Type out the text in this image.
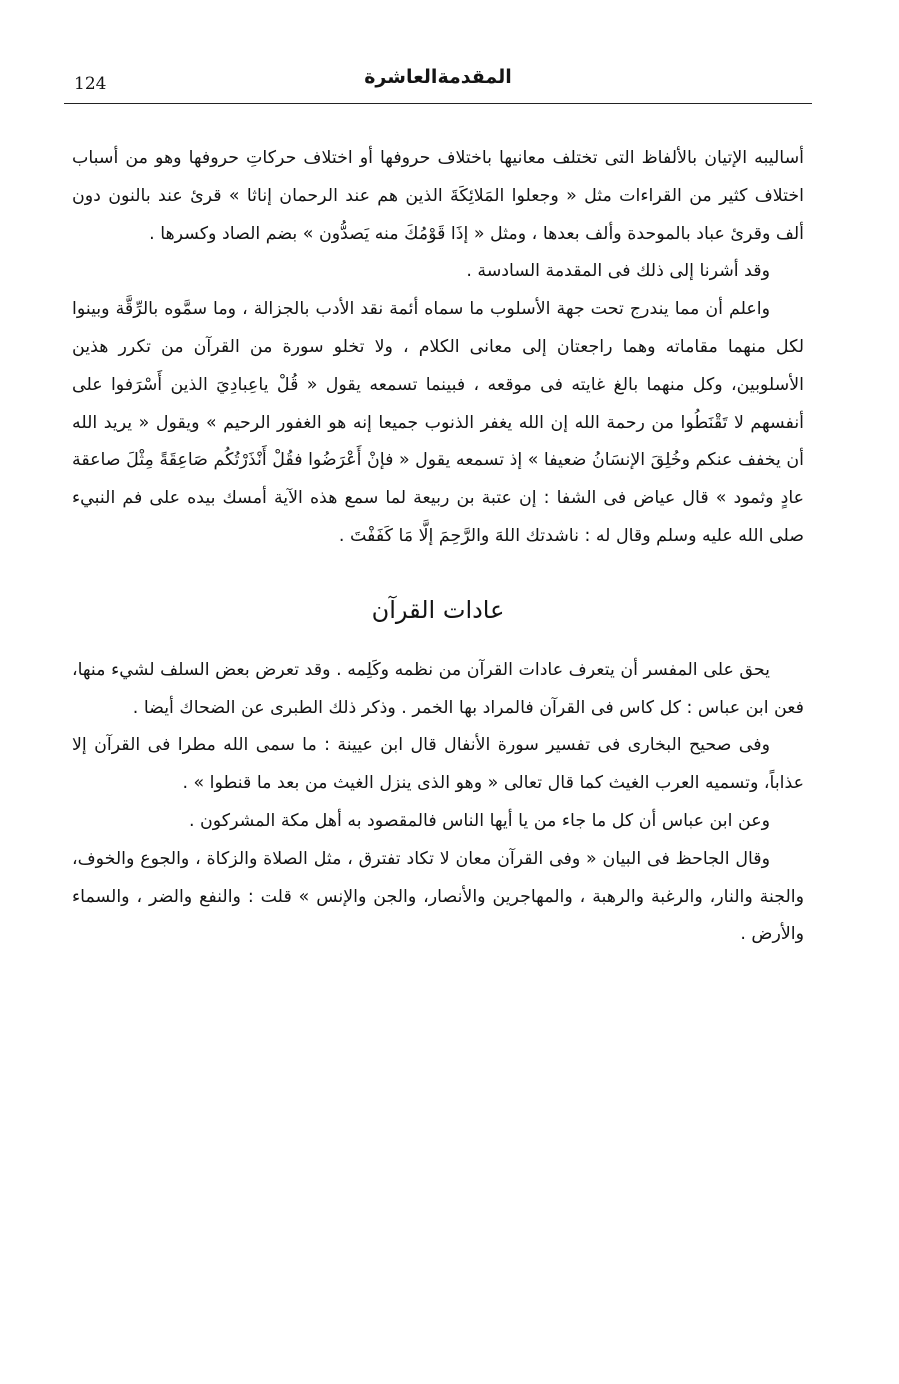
124	المقدمةالعاشرة

أساليبه الإتيان بالألفاظ التى تختلف معانيها باختلاف حروفها أو اختلاف حركاتِ حروفها وهو من أسباب اختلاف كثير من القراءات مثل « وجعلوا المَلائِكَةَ الذين هم عند الرحمان إناثا » قرئ عند بالنون دون ألف وقرئ عباد بالموحدة وألف بعدها ، ومثل « إذَا قَوْمُكَ منه يَصدُّون » بضم الصاد وكسرها .

وقد أشرنا إلى ذلك فى المقدمة السادسة .

واعلم أن مما يندرج تحت جهة الأسلوب ما سماه أئمة نقد الأدب بالجزالة ، وما سمَّوه بالرِّقَّة وبينوا لكل منهما مقاماته وهما راجعتان إلى معانى الكلام ، ولا تخلو سورة من القرآن من تكرر هذين الأسلوبين، وكل منهما بالغ غايته فى موقعه ، فبينما تسمعه يقول « قُلْ ياعِبادِيَ الذين أَسْرَفوا على أنفسهم لا تَقْنَطُوا من رحمة الله إن الله يغفر الذنوب جميعا إنه هو الغفور الرحيم » ويقول « يريد الله أن يخفف عنكم وخُلِقَ الإنسَانُ ضعيفا » إذ تسمعه يقول « فإنْ أَعْرَضُوا فقُلْ أَنْذَرْتُكُم صَاعِقَةً مِثْلَ صاعقة عادٍ وثمود » قال عياض فى الشفا : إن عتبة بن ربيعة لما سمع هذه الآية أمسك بيده على فم النبيء صلى الله عليه وسلم وقال له : ناشدتك اللهَ والرَّحِمَ إلَّا مَا كَفَفْتَ .

عادات القرآن

يحق على المفسر أن يتعرف عادات القرآن من نظمه وكَلِمه . وقد تعرض بعض السلف لشيء منها، فعن ابن عباس : كل كاس فى القرآن فالمراد بها الخمر . وذكر ذلك الطبرى عن الضحاك أيضا .

وفى صحيح البخارى فى تفسير سورة الأنفال قال ابن عيينة : ما سمى الله مطرا فى القرآن إلا عذاباً، وتسميه العرب الغيث كما قال تعالى « وهو الذى ينزل الغيث من بعد ما قنطوا » .

وعن ابن عباس أن كل ما جاء من يا أيها الناس فالمقصود به أهل مكة المشركون .

وقال الجاحظ فى البيان « وفى القرآن معان لا تكاد تفترق ، مثل الصلاة والزكاة ، والجوع والخوف، والجنة والنار، والرغبة والرهبة ، والمهاجرين والأنصار، والجن والإنس » قلت : والنفع والضر ، والسماء والأرض .
